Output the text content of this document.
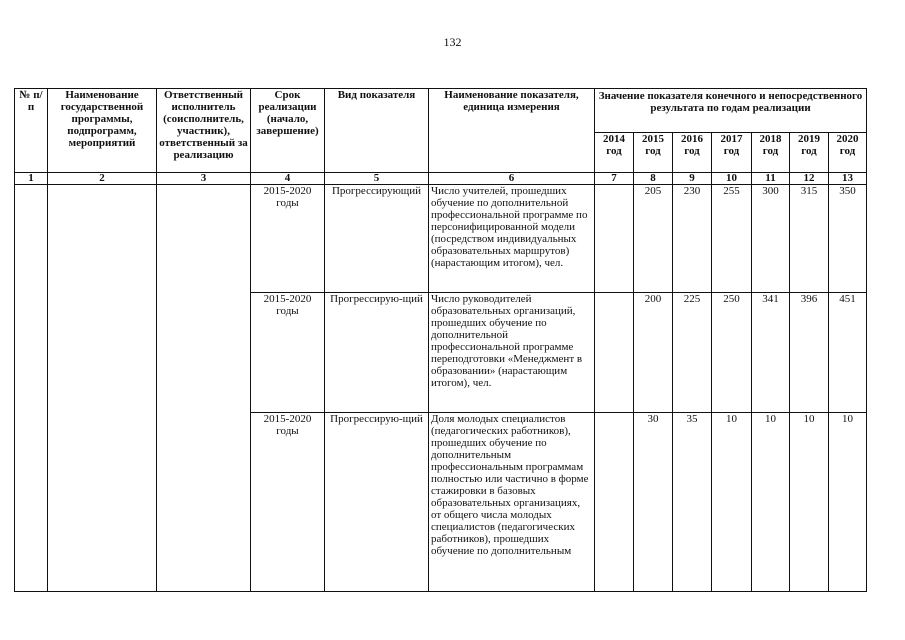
132
№ п/п	Наименование государственной программы, подпрограмм, мероприятий	Ответственный исполнитель (соисполнитель, участник), ответственный за реализацию	Срок реализации (начало, завершение)	Вид показателя	Наименование показателя, единица измерения	Значение показателя конечного и непосредственного результата по годам реализации						

						2014 год	2015 год	2016 год	2017 год	2018 год	2019 год	2020 год
1	2	3	4	5	6	7	8	9	10	11	12	13
			2015-2020 годы	Прогрессирующий	Число учителей, прошедших обучение по дополнительной профессиональной программе по персонифицированной модели (посредством индивидуальных образовательных маршрутов) (нарастающим итогом), чел.		205	230	255	300	315	350
			2015-2020 годы	Прогрессирую-щий	Число руководителей образовательных организаций, прошедших обучение по дополнительной профессиональной программе переподготовки «Менеджмент в образовании» (нарастающим итогом), чел.		200	225	250	341	396	451
			2015-2020 годы	Прогрессирую-щий	Доля молодых специалистов (педагогических работников), прошедших обучение по дополнительным профессиональным программам полностью или частично в форме стажировки в базовых образовательных организациях, от общего числа молодых специалистов (педагогических работников), прошедших обучение по дополнительным		30	35	10	10	10	10
